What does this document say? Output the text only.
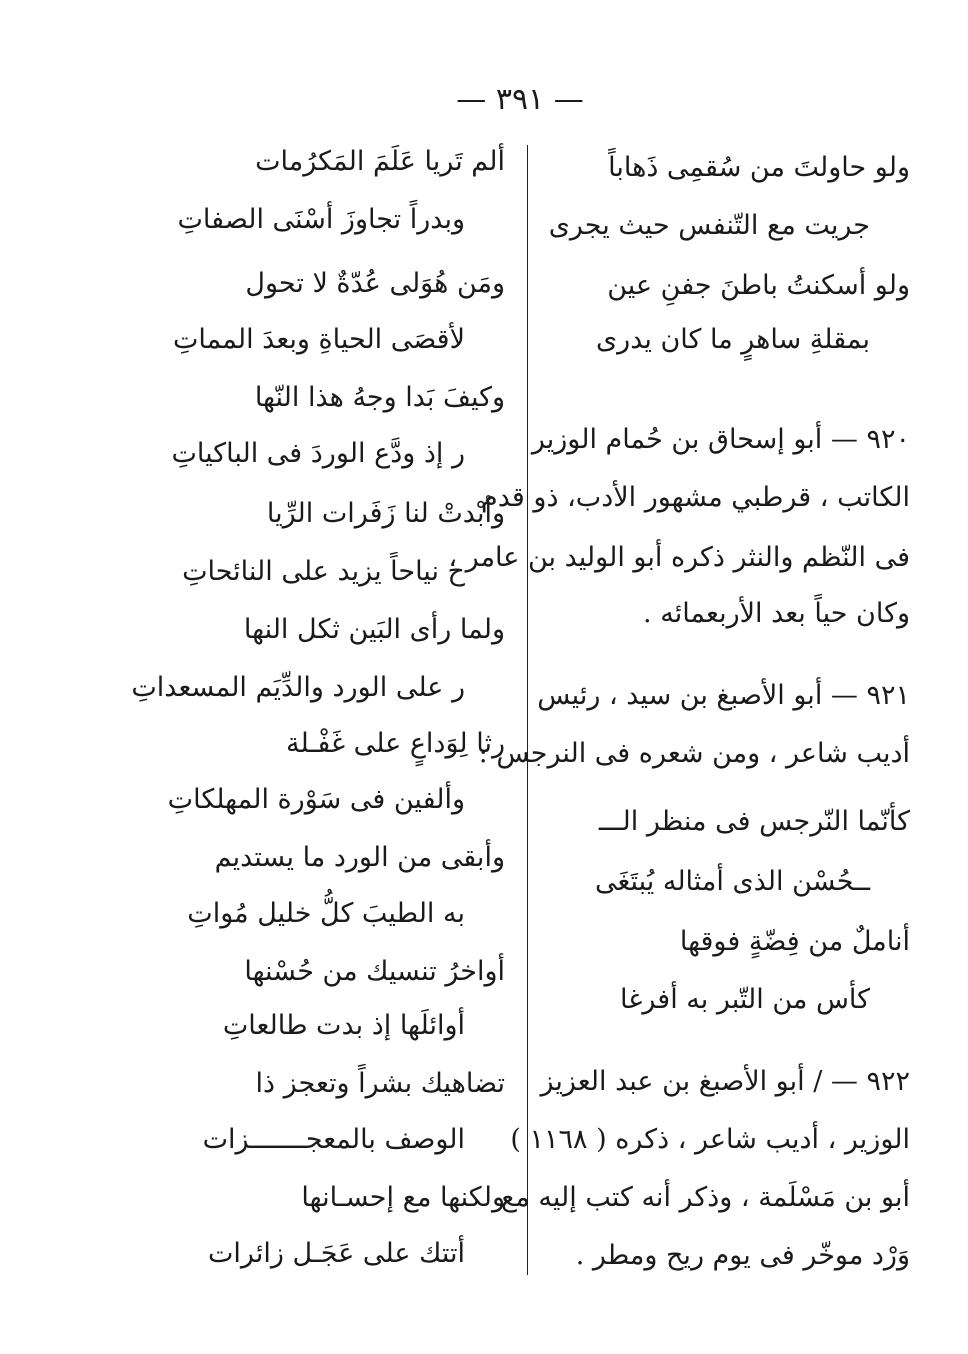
— ٣٩١ —
ولو حاولتَ من سُقمِى ذَهاباً
جريت مع التّنفس حيث يجرى
ولو أسكنتُ باطنَ جفنِ عين
بمقلةِ ساهرٍ ما كان يدرى
٩٢٠ — أبو إسحاق بن حُمام الوزير
الكاتب ، قرطبي مشهور الأدب، ذو قدم
فى النّظم والنثر ذكره أبو الوليد بن عامر ،
وكان حياً بعد الأربعمائه .
٩٢١ — أبو الأصبغ بن سيد ، رئيس
أديب شاعر ، ومن شعره فى النرجس :
كأنّما النّرجس فى منظر الـــ
ــحُسْن الذى أمثاله يُبتَغَى
أناملٌ من فِضّةٍ فوقها
كأس من التّبر به أفرغا
٩٢٢ — / أبو الأصبغ بن عبد العزيز
الوزير ، أديب شاعر ، ذكره ( ١١٦٨ )
أبو بن مَسْلَمة ، وذكر أنه كتب إليه مع
وَرْد موخّر فى يوم ريح ومطر .
ألم تَريا عَلَمَ المَكرُمات
وبدراً تجاوزَ أسْنَى الصفاتِ
ومَن هُوَلى عُدّةٌ لا تحول
لأقصَى الحياةِ وبعدَ المماتِ
وكيفَ بَدا وجهُ هذا النّها
ر إذ ودَّع الوردَ فى الباكياتِ
وأبْدتْ لنا زَفَرات الرِّيا
ح نياحاً يزيد على النائحاتِ
ولما رأى البَين ثكل النها
ر على الورد والدِّيَم المسعداتِ
رثا لِوَداعٍ على غَفْـلة
وألفين فى سَوْرة المهلكاتِ
وأبقى من الورد ما يستديم
به الطيبَ كلُّ خليل مُواتِ
أواخرُ تنسيك من حُسْنها
أوائلَها إذ بدت طالعاتِ
تضاهيك بشراً وتعجز ذا
الوصف بالمعجـــــــزات
ولكنها مع إحسـانها
أتتك على عَجَـل زائرات
